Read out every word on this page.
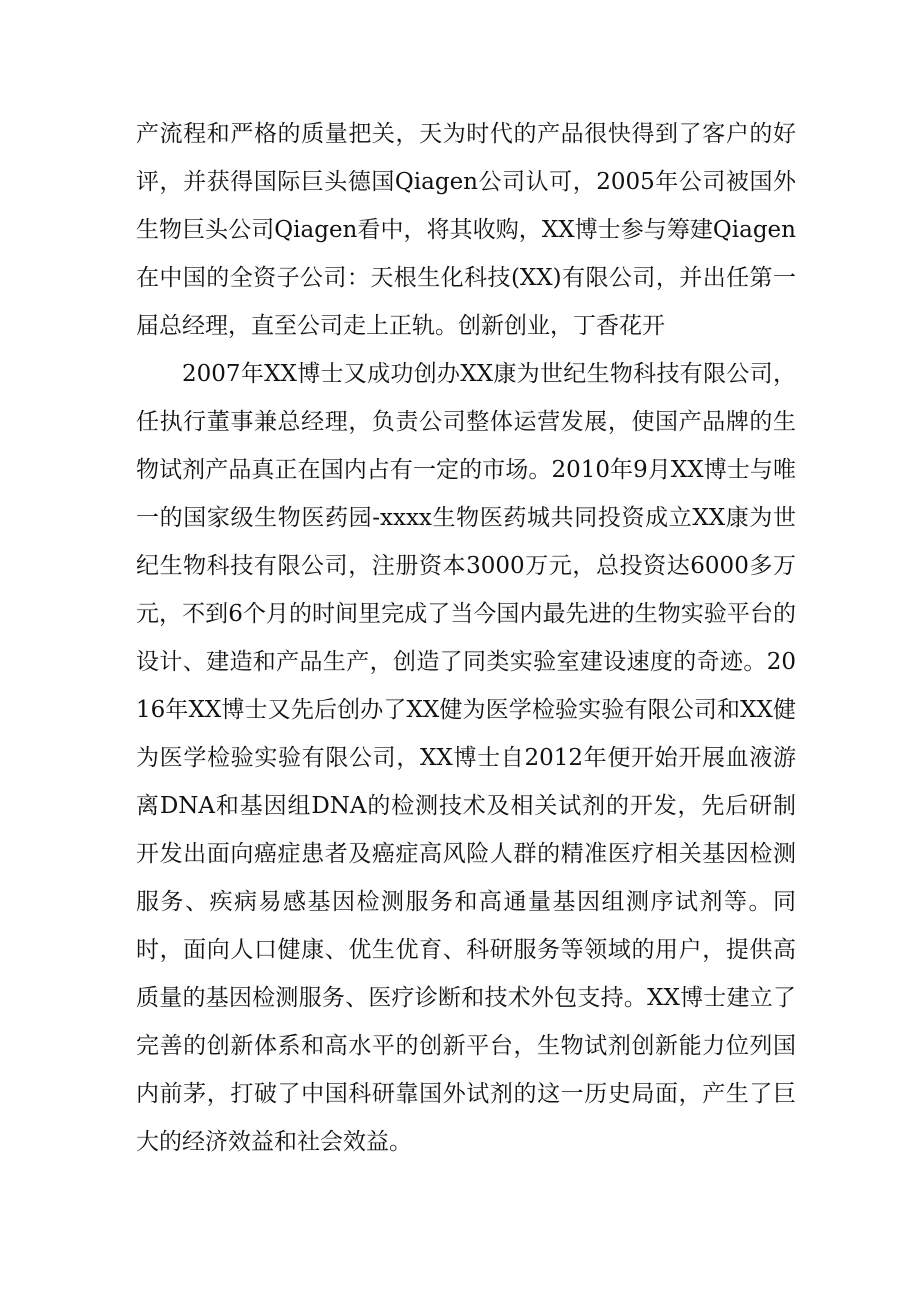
产流程和严格的质量把关，天为时代的产品很快得到了客户的好评，并获得国际巨头德国Qiagen公司认可，2005年公司被国外生物巨头公司Qiagen看中，将其收购，XX博士参与筹建Qiagen在中国的全资子公司：天根生化科技(XX)有限公司，并出任第一届总经理，直至公司走上正轨。创新创业，丁香花开

2007年XX博士又成功创办XX康为世纪生物科技有限公司，任执行董事兼总经理，负责公司整体运营发展，使国产品牌的生物试剂产品真正在国内占有一定的市场。2010年9月XX博士与唯一的国家级生物医药园-xxxx生物医药城共同投资成立XX康为世纪生物科技有限公司，注册资本3000万元，总投资达6000多万元，不到6个月的时间里完成了当今国内最先进的生物实验平台的设计、建造和产品生产，创造了同类实验室建设速度的奇迹。2016年XX博士又先后创办了XX健为医学检验实验有限公司和XX健为医学检验实验有限公司，XX博士自2012年便开始开展血液游离DNA和基因组DNA的检测技术及相关试剂的开发，先后研制开发出面向癌症患者及癌症高风险人群的精准医疗相关基因检测服务、疾病易感基因检测服务和高通量基因组测序试剂等。同时，面向人口健康、优生优育、科研服务等领域的用户，提供高质量的基因检测服务、医疗诊断和技术外包支持。XX博士建立了完善的创新体系和高水平的创新平台，生物试剂创新能力位列国内前茅，打破了中国科研靠国外试剂的这一历史局面，产生了巨大的经济效益和社会效益。
